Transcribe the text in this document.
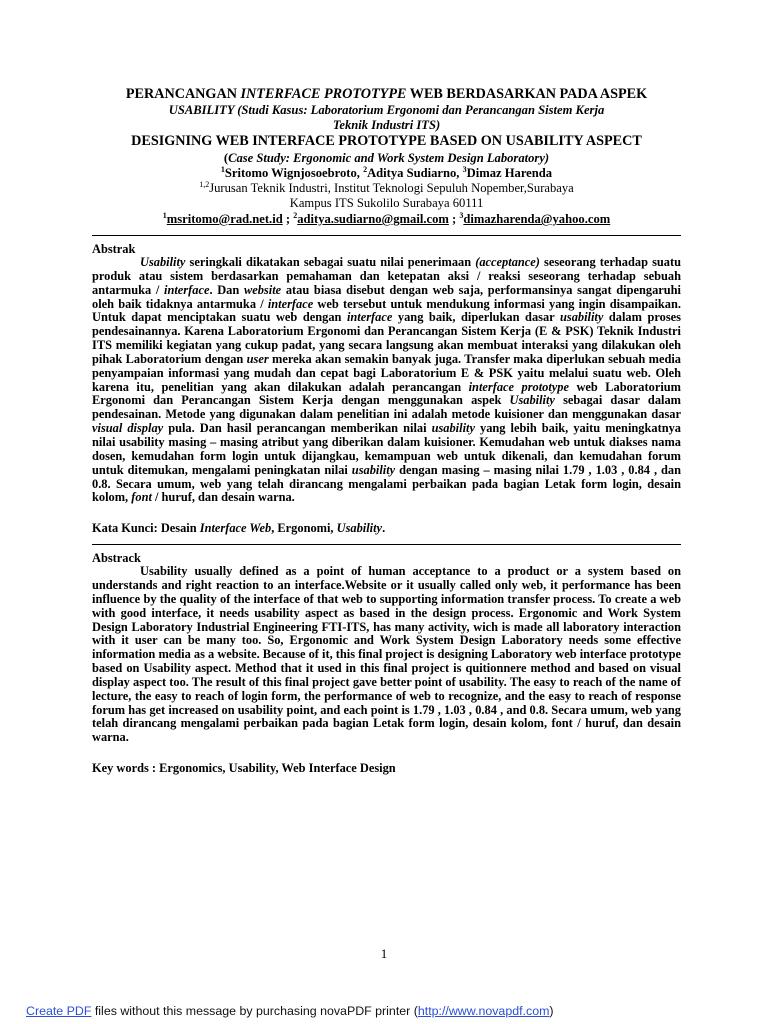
PERANCANGAN INTERFACE PROTOTYPE WEB BERDASARKAN PADA ASPEK
USABILITY (Studi Kasus: Laboratorium Ergonomi dan Perancangan Sistem Kerja
Teknik Industri ITS)
DESIGNING WEB INTERFACE PROTOTYPE BASED ON USABILITY ASPECT
(Case Study: Ergonomic and Work System Design Laboratory)
$^1$Sritomo Wignjosoebroto, $^2$Aditya Sudiarno, $^3$Dimaz Harenda
$^{1,2}$Jurusan Teknik Industri, Institut Teknologi Sepuluh Nopember,Surabaya
Kampus ITS Sukolilo Surabaya 60111
$^1$msritomo@rad.net.id ; $^2$aditya.sudiarno@gmail.com ; $^3$dimazharenda@yahoo.com
Abstrak

Usability seringkali dikatakan sebagai suatu nilai penerimaan (acceptance) seseorang terhadap suatu produk atau sistem berdasarkan pemahaman dan ketepatan aksi / reaksi seseorang terhadap sebuah antarmuka / interface. Dan website atau biasa disebut dengan web saja, performansinya sangat dipengaruhi oleh baik tidaknya antarmuka / interface web tersebut untuk mendukung informasi yang ingin disampaikan. Untuk dapat menciptakan suatu web dengan interface yang baik, diperlukan dasar usability dalam proses pendesainannya. Karena Laboratorium Ergonomi dan Perancangan Sistem Kerja (E & PSK) Teknik Industri ITS memiliki kegiatan yang cukup padat, yang secara langsung akan membuat interaksi yang dilakukan oleh pihak Laboratorium dengan user mereka akan semakin banyak juga. Transfer maka diperlukan sebuah media penyampaian informasi yang mudah dan cepat bagi Laboratorium E & PSK yaitu melalui suatu web. Oleh karena itu, penelitian yang akan dilakukan adalah perancangan interface prototype web Laboratorium Ergonomi dan Perancangan Sistem Kerja dengan menggunakan aspek Usability sebagai dasar dalam pendesainan. Metode yang digunakan dalam penelitian ini adalah metode kuisioner dan menggunakan dasar visual display pula. Dan hasil perancangan memberikan nilai usability yang lebih baik, yaitu meningkatnya nilai usability masing – masing atribut yang diberikan dalam kuisioner. Kemudahan web untuk diakses nama dosen, kemudahan form login untuk dijangkau, kemampuan web untuk dikenali, dan kemudahan forum untuk ditemukan, mengalami peningkatan nilai usability dengan masing – masing nilai 1.79 , 1.03 , 0.84 , dan 0.8. Secara umum, web yang telah dirancang mengalami perbaikan pada bagian Letak form login, desain kolom, font / huruf, dan desain warna.

Kata Kunci: Desain Interface Web, Ergonomi, Usability.
Abstrack

Usability usually defined as a point of human acceptance to a product or a system based on understands and right reaction to an interface.Website or it usually called only web, it performance has been influence by the quality of the interface of that web to supporting information transfer process. To create a web with good interface, it needs usability aspect as based in the design process. Ergonomic and Work System Design Laboratory Industrial Engineering FTI-ITS, has many activity, wich is made all laboratory interaction with it user can be many too. So, Ergonomic and Work System Design Laboratory needs some effective information media as a website. Because of it, this final project is designing Laboratory web interface prototype based on Usability aspect. Method that it used in this final project is quitionnere method and based on visual display aspect too. The result of this final project gave better point of usability. The easy to reach of the name of lecture, the easy to reach of login form, the performance of web to recognize, and the easy to reach of response forum has get increased on usability point, and each point is 1.79 , 1.03 , 0.84 , and 0.8. Secara umum, web yang telah dirancang mengalami perbaikan pada bagian Letak form login, desain kolom, font / huruf, dan desain warna.

Key words : Ergonomics, Usability, Web Interface Design
1
Create PDF files without this message by purchasing novaPDF printer (http://www.novapdf.com)
